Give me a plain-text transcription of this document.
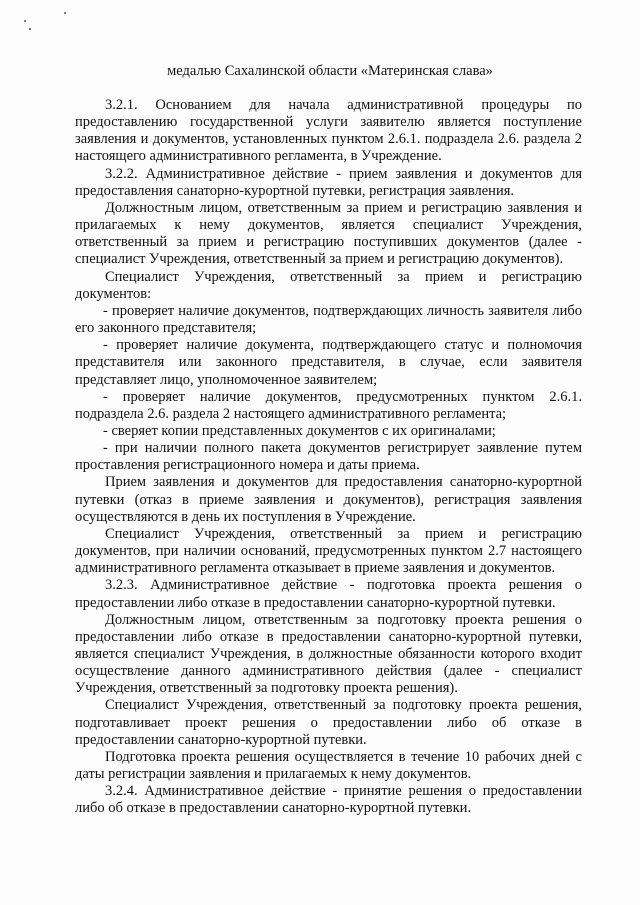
медалью Сахалинской области «Материнская слава»

3.2.1. Основанием для начала административной процедуры по предоставлению государственной услуги заявителю является поступление заявления и документов, установленных пунктом 2.6.1. подраздела 2.6. раздела 2 настоящего административного регламента, в Учреждение.

3.2.2. Административное действие - прием заявления и документов для предоставления санаторно-курортной путевки, регистрация заявления.

Должностным лицом, ответственным за прием и регистрацию заявления и прилагаемых к нему документов, является специалист Учреждения, ответственный за прием и регистрацию поступивших документов (далее - специалист Учреждения, ответственный за прием и регистрацию документов).

Специалист Учреждения, ответственный за прием и регистрацию документов:

- проверяет наличие документов, подтверждающих личность заявителя либо его законного представителя;

- проверяет наличие документа, подтверждающего статус и полномочия представителя или законного представителя, в случае, если заявителя представляет лицо, уполномоченное заявителем;

- проверяет наличие документов, предусмотренных пунктом 2.6.1. подраздела 2.6. раздела 2 настоящего административного регламента;

- сверяет копии представленных документов с их оригиналами;

- при наличии полного пакета документов регистрирует заявление путем проставления регистрационного номера и даты приема.

Прием заявления и документов для предоставления санаторно-курортной путевки (отказ в приеме заявления и документов), регистрация заявления осуществляются в день их поступления в Учреждение.

Специалист Учреждения, ответственный за прием и регистрацию документов, при наличии оснований, предусмотренных пунктом 2.7 настоящего административного регламента отказывает в приеме заявления и документов.

3.2.3. Административное действие - подготовка проекта решения о предоставлении либо отказе в предоставлении санаторно-курортной путевки.

Должностным лицом, ответственным за подготовку проекта решения о предоставлении либо отказе в предоставлении санаторно-курортной путевки, является специалист Учреждения, в должностные обязанности которого входит осуществление данного административного действия (далее - специалист Учреждения, ответственный за подготовку проекта решения).

Специалист Учреждения, ответственный за подготовку проекта решения, подготавливает проект решения о предоставлении либо об отказе в предоставлении санаторно-курортной путевки.

Подготовка проекта решения осуществляется в течение 10 рабочих дней с даты регистрации заявления и прилагаемых к нему документов.

3.2.4. Административное действие - принятие решения о предоставлении либо об отказе в предоставлении санаторно-курортной путевки.
